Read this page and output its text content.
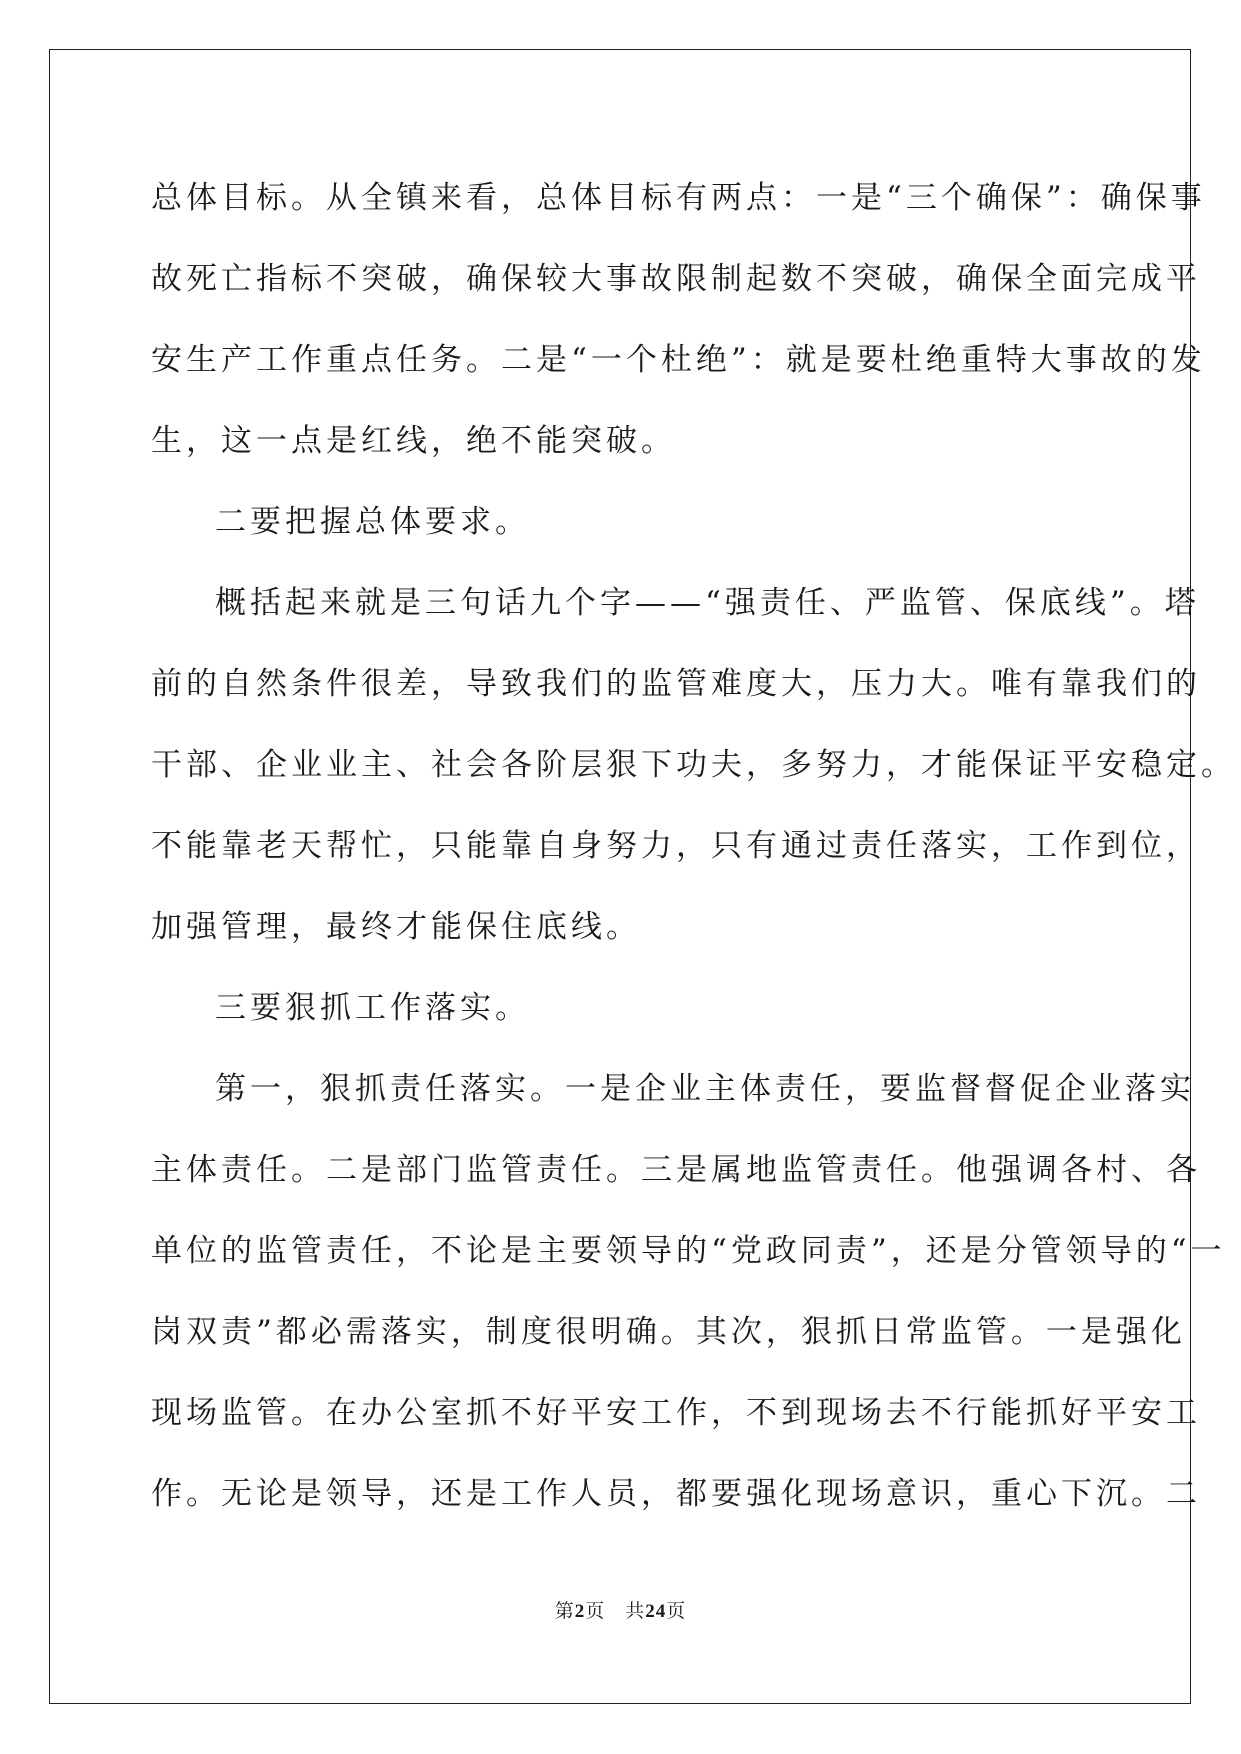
总体目标。从全镇来看，总体目标有两点：一是“三个确保”：确保事
故死亡指标不突破，确保较大事故限制起数不突破，确保全面完成平
安生产工作重点任务。二是“一个杜绝”：就是要杜绝重特大事故的发
生，这一点是红线，绝不能突破。
二要把握总体要求。
概括起来就是三句话九个字——“强责任、严监管、保底线”。塔
前的自然条件很差，导致我们的监管难度大，压力大。唯有靠我们的
干部、企业业主、社会各阶层狠下功夫，多努力，才能保证平安稳定。
不能靠老天帮忙，只能靠自身努力，只有通过责任落实，工作到位，
加强管理，最终才能保住底线。
三要狠抓工作落实。
第一，狠抓责任落实。一是企业主体责任，要监督督促企业落实
主体责任。二是部门监管责任。三是属地监管责任。他强调各村、各
单位的监管责任，不论是主要领导的“党政同责”，还是分管领导的“一
岗双责”都必需落实，制度很明确。其次，狠抓日常监管。一是强化
现场监管。在办公室抓不好平安工作，不到现场去不行能抓好平安工
作。无论是领导，还是工作人员，都要强化现场意识，重心下沉。二
第2页 共24页
